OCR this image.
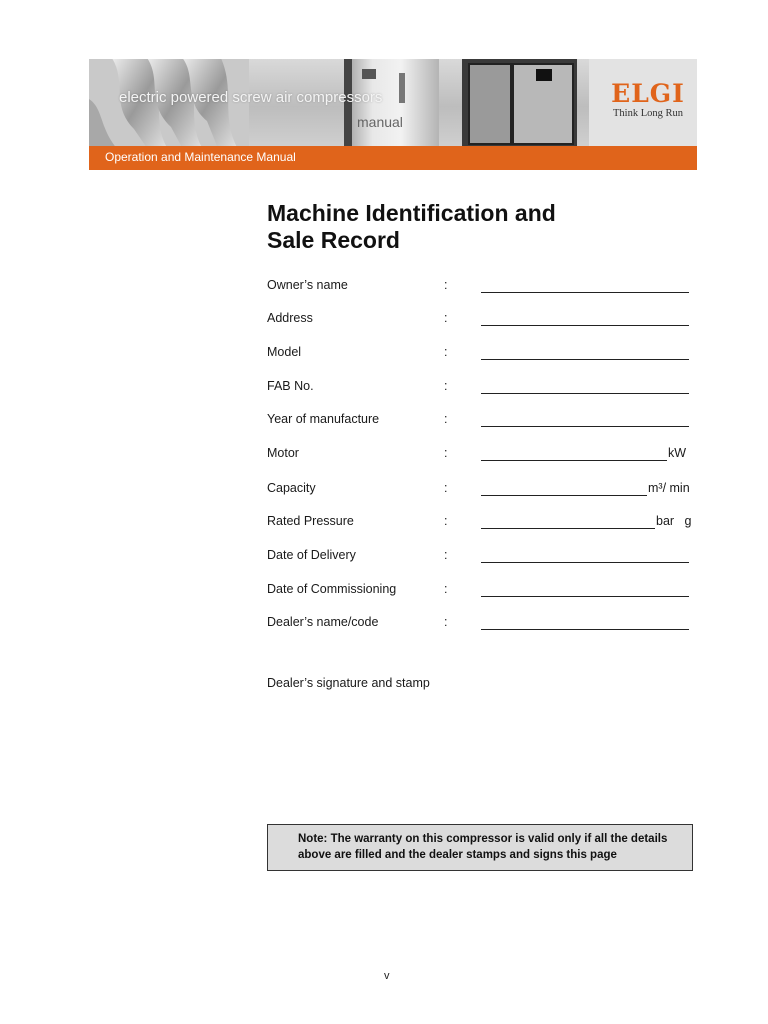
electric powered screw air compressors
manual
ELGI
Think Long Run
Operation and Maintenance Manual
Machine Identification and
Sale Record
Owner’s name	:
Address	:
Model	:
FAB No.	:
Year of manufacture	:
Motor	:	kW
Capacity	:	m³/ min
Rated Pressure	:	bar   g
Date of Delivery	:
Date of Commissioning	:
Dealer’s name/code	:
Dealer’s signature and stamp
Note: The warranty on this compressor is valid only if all the details above are filled and the dealer stamps and signs this page
v
